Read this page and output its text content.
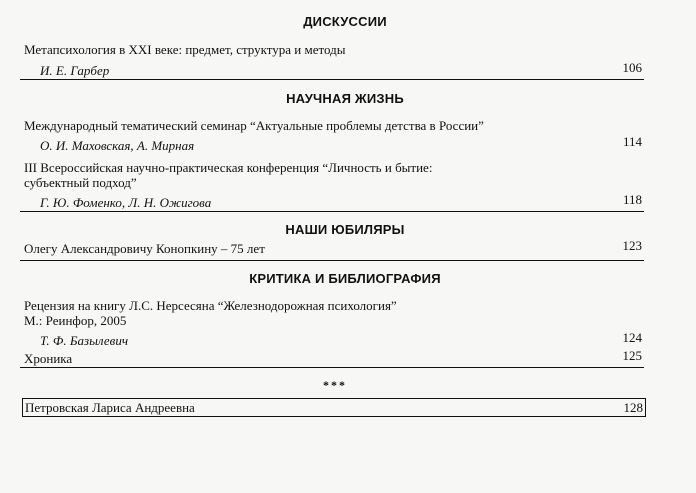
ДИСКУССИИ
Метапсихология в XXI веке: предмет, структура и методы
И. Е. Гарбер	106
НАУЧНАЯ ЖИЗНЬ
Международный тематический семинар “Актуальные проблемы детства в России”
О. И. Маховская, А. Мирная	114
III Всероссийская научно-практическая конференция “Личность и бытие:
субъектный подход”
Г. Ю. Фоменко, Л. Н. Ожигова	118
НАШИ ЮБИЛЯРЫ
Олегу Александровичу Конопкину – 75 лет	123
КРИТИКА И БИБЛИОГРАФИЯ
Рецензия на книгу Л.С. Нерсесяна “Железнодорожная психология”
М.: Реинфор, 2005
Т. Ф. Базылевич	124
Хроника	125
***
Петровская Лариса Андреевна	128
